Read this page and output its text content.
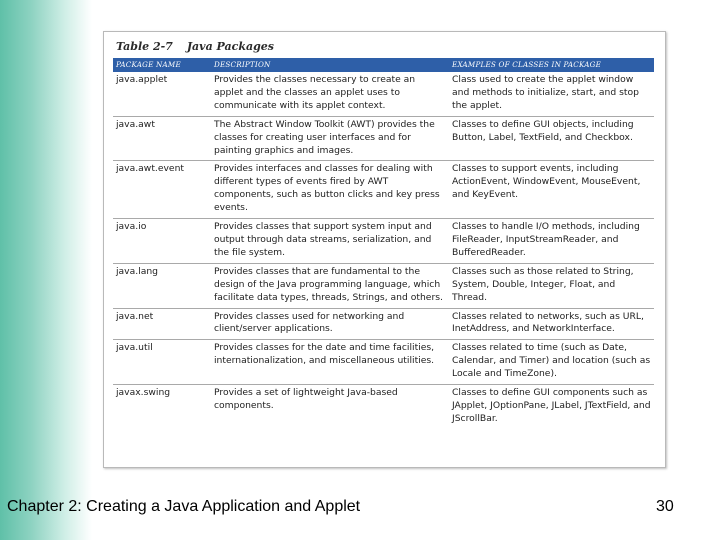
Table 2-7 Java Packages
PACKAGE NAME	DESCRIPTION	EXAMPLES OF CLASSES IN PACKAGE
java.applet	Provides the classes necessary to create an applet and the classes an applet uses to communicate with its applet context.	Class used to create the applet window and methods to initialize, start, and stop the applet.
java.awt	The Abstract Window Toolkit (AWT) provides the classes for creating user interfaces and for painting graphics and images.	Classes to define GUI objects, including Button, Label, TextField, and Checkbox.
java.awt.event	Provides interfaces and classes for dealing with different types of events fired by AWT components, such as button clicks and key press events.	Classes to support events, including ActionEvent, WindowEvent, MouseEvent, and KeyEvent.
java.io	Provides classes that support system input and output through data streams, serialization, and the file system.	Classes to handle I/O methods, including FileReader, InputStreamReader, and BufferedReader.
java.lang	Provides classes that are fundamental to the design of the Java programming language, which facilitate data types, threads, Strings, and others.	Classes such as those related to String, System, Double, Integer, Float, and Thread.
java.net	Provides classes used for networking and client/server applications.	Classes related to networks, such as URL, InetAddress, and NetworkInterface.
java.util	Provides classes for the date and time facilities, internationalization, and miscellaneous utilities.	Classes related to time (such as Date, Calendar, and Timer) and location (such as Locale and TimeZone).
javax.swing	Provides a set of lightweight Java-based components.	Classes to define GUI components such as JApplet, JOptionPane, JLabel, JTextField, and JScrollBar.
Chapter 2: Creating a Java Application and Applet	30
